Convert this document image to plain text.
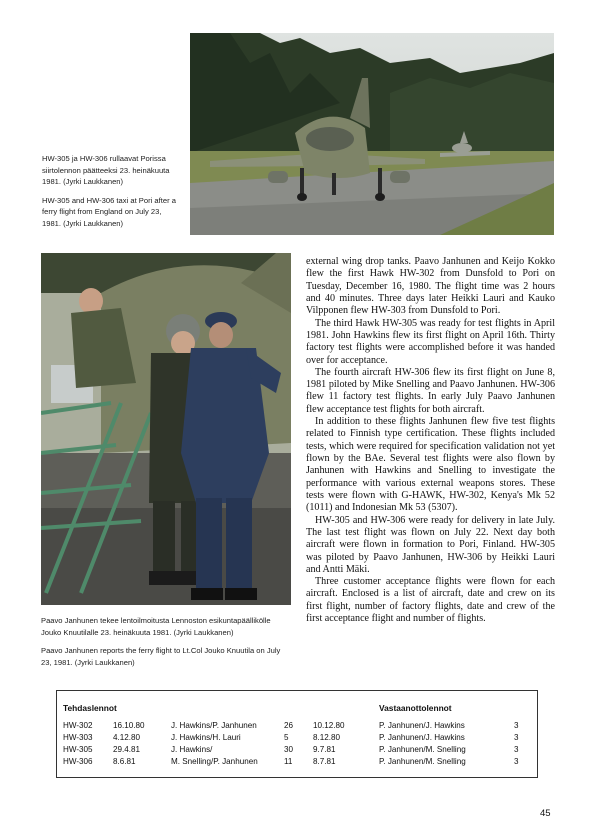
HW-305 ja HW-306 rullaavat Porissa siirtolennon päätteeksi 23. heinäkuuta 1981. (Jyrki Laukkanen)

HW-305 and HW-306 taxi at Pori after a ferry flight from England on July 23, 1981. (Jyrki Laukkanen)

Paavo Janhunen tekee lentoilmoitusta Lennoston esikuntapäällikölle Jouko Knuutilalle 23. heinäkuuta 1981. (Jyrki Laukkanen)

Paavo Janhunen reports the ferry flight to Lt.Col Jouko Knuutila on July 23, 1981. (Jyrki Laukkanen)

external wing drop tanks. Paavo Janhunen and Keijo Kokko flew the first Hawk HW-302 from Dunsfold to Pori on Tuesday, December 16, 1980. The flight time was 2 hours and 40 minutes. Three days later Heikki Lauri and Kauko Vilpponen flew HW-303 from Dunsfold to Pori.

The third Hawk HW-305 was ready for test flights in April 1981. John Hawkins flew its first flight on April 16th. Thirty factory test flights were accomplished before it was handed over for acceptance.

The fourth aircraft HW-306 flew its first flight on June 8, 1981 piloted by Mike Snelling and Paavo Janhunen. HW-306 flew 11 factory test flights. In early July Paavo Janhunen flew acceptance test flights for both aircraft.

In addition to these flights Janhunen flew five test flights related to Finnish type certification. These flights included tests, which were required for specification validation not yet flown by the BAe. Several test flights were also flown by Janhunen with Hawkins and Snelling to investigate the performance with various external weapons stores. These tests were flown with G-HAWK, HW-302, Kenya's Mk 52 (1011) and Indonesian Mk 53 (5307).

HW-305 and HW-306 were ready for delivery in late July. The last test flight was flown on July 22. Next day both aircraft were flown in formation to Pori, Finland. HW-305 was piloted by Paavo Janhunen, HW-306 by Heikki Lauri and Antti Mäki.

Three customer acceptance flights were flown for each aircraft. Enclosed is a list of aircraft, date and crew on its first flight, number of factory flights, date and crew of the first acceptance flight and number of flights.

Tehdaslennot	Vastaanottolennot
HW-302	16.10.80	J. Hawkins/P. Janhunen	26 10.12.80	P. Janhunen/J. Hawkins	3
HW-303	4.12.80	J. Hawkins/H. Lauri	5	8.12.80	P. Janhunen/J. Hawkins	3
HW-305	29.4.81	J. Hawkins/	30 9.7.81	P. Janhunen/M. Snelling	3
HW-306	8.6.81	M. Snelling/P. Janhunen	11	8.7.81	P. Janhunen/M. Snelling	3
45
